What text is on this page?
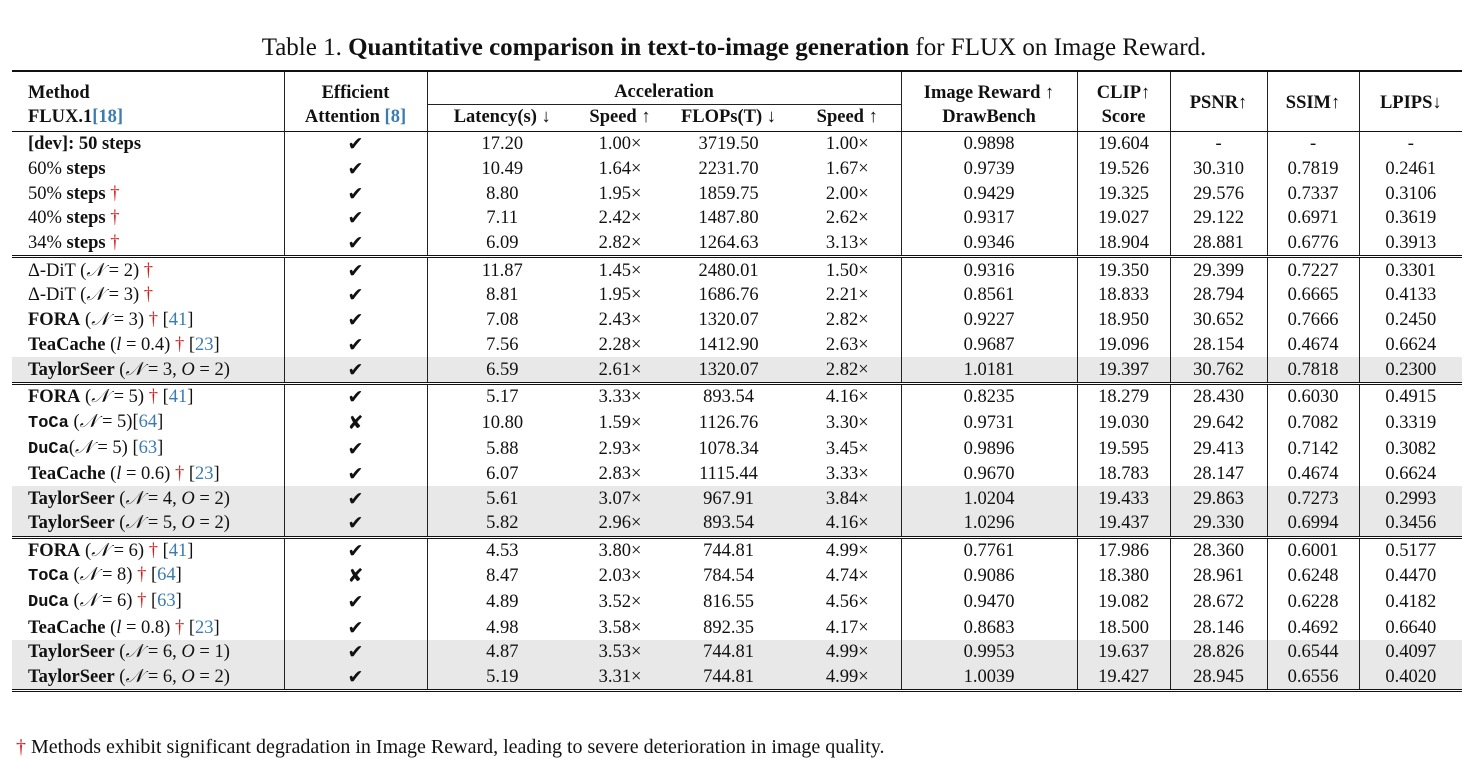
Table 1. Quantitative comparison in text-to-image generation for FLUX on Image Reward.
Method	Efficient	Acceleration				Image Reward ↑	CLIP↑	PSNR↑	SSIM↑	LPIPS↓
FLUX.1[18]	Attention [8]	Latency(s) ↓	Speed ↑	FLOPs(T) ↓	Speed ↑	DrawBench	Score			
[dev]: 50 steps	✔	17.20	1.00×	3719.50	1.00×	0.9898	19.604	-	-	-
60% steps	✔	10.49	1.64×	2231.70	1.67×	0.9739	19.526	30.310	0.7819	0.2461
50% steps †	✔	8.80	1.95×	1859.75	2.00×	0.9429	19.325	29.576	0.7337	0.3106
40% steps †	✔	7.11	2.42×	1487.80	2.62×	0.9317	19.027	29.122	0.6971	0.3619
34% steps †	✔	6.09	2.82×	1264.63	3.13×	0.9346	18.904	28.881	0.6776	0.3913
Δ-DiT (𝒩 = 2) †	✔	11.87	1.45×	2480.01	1.50×	0.9316	19.350	29.399	0.7227	0.3301
Δ-DiT (𝒩 = 3) †	✔	8.81	1.95×	1686.76	2.21×	0.8561	18.833	28.794	0.6665	0.4133
FORA (𝒩 = 3) † [41]	✔	7.08	2.43×	1320.07	2.82×	0.9227	18.950	30.652	0.7666	0.2450
TeaCache (l = 0.4) † [23]	✔	7.56	2.28×	1412.90	2.63×	0.9687	19.096	28.154	0.4674	0.6624
TaylorSeer (𝒩 = 3, O = 2)	✔	6.59	2.61×	1320.07	2.82×	1.0181	19.397	30.762	0.7818	0.2300
FORA (𝒩 = 5) † [41]	✔	5.17	3.33×	893.54	4.16×	0.8235	18.279	28.430	0.6030	0.4915
ToCa (𝒩 = 5)[64]	✘	10.80	1.59×	1126.76	3.30×	0.9731	19.030	29.642	0.7082	0.3319
DuCa(𝒩 = 5) [63]	✔	5.88	2.93×	1078.34	3.45×	0.9896	19.595	29.413	0.7142	0.3082
TeaCache (l = 0.6) † [23]	✔	6.07	2.83×	1115.44	3.33×	0.9670	18.783	28.147	0.4674	0.6624
TaylorSeer (𝒩 = 4, O = 2)	✔	5.61	3.07×	967.91	3.84×	1.0204	19.433	29.863	0.7273	0.2993
TaylorSeer (𝒩 = 5, O = 2)	✔	5.82	2.96×	893.54	4.16×	1.0296	19.437	29.330	0.6994	0.3456
FORA (𝒩 = 6) † [41]	✔	4.53	3.80×	744.81	4.99×	0.7761	17.986	28.360	0.6001	0.5177
ToCa (𝒩 = 8) † [64]	✘	8.47	2.03×	784.54	4.74×	0.9086	18.380	28.961	0.6248	0.4470
DuCa (𝒩 = 6) † [63]	✔	4.89	3.52×	816.55	4.56×	0.9470	19.082	28.672	0.6228	0.4182
TeaCache (l = 0.8) † [23]	✔	4.98	3.58×	892.35	4.17×	0.8683	18.500	28.146	0.4692	0.6640
TaylorSeer (𝒩 = 6, O = 1)	✔	4.87	3.53×	744.81	4.99×	0.9953	19.637	28.826	0.6544	0.4097
TaylorSeer (𝒩 = 6, O = 2)	✔	5.19	3.31×	744.81	4.99×	1.0039	19.427	28.945	0.6556	0.4020
† Methods exhibit significant degradation in Image Reward, leading to severe deterioration in image quality.
